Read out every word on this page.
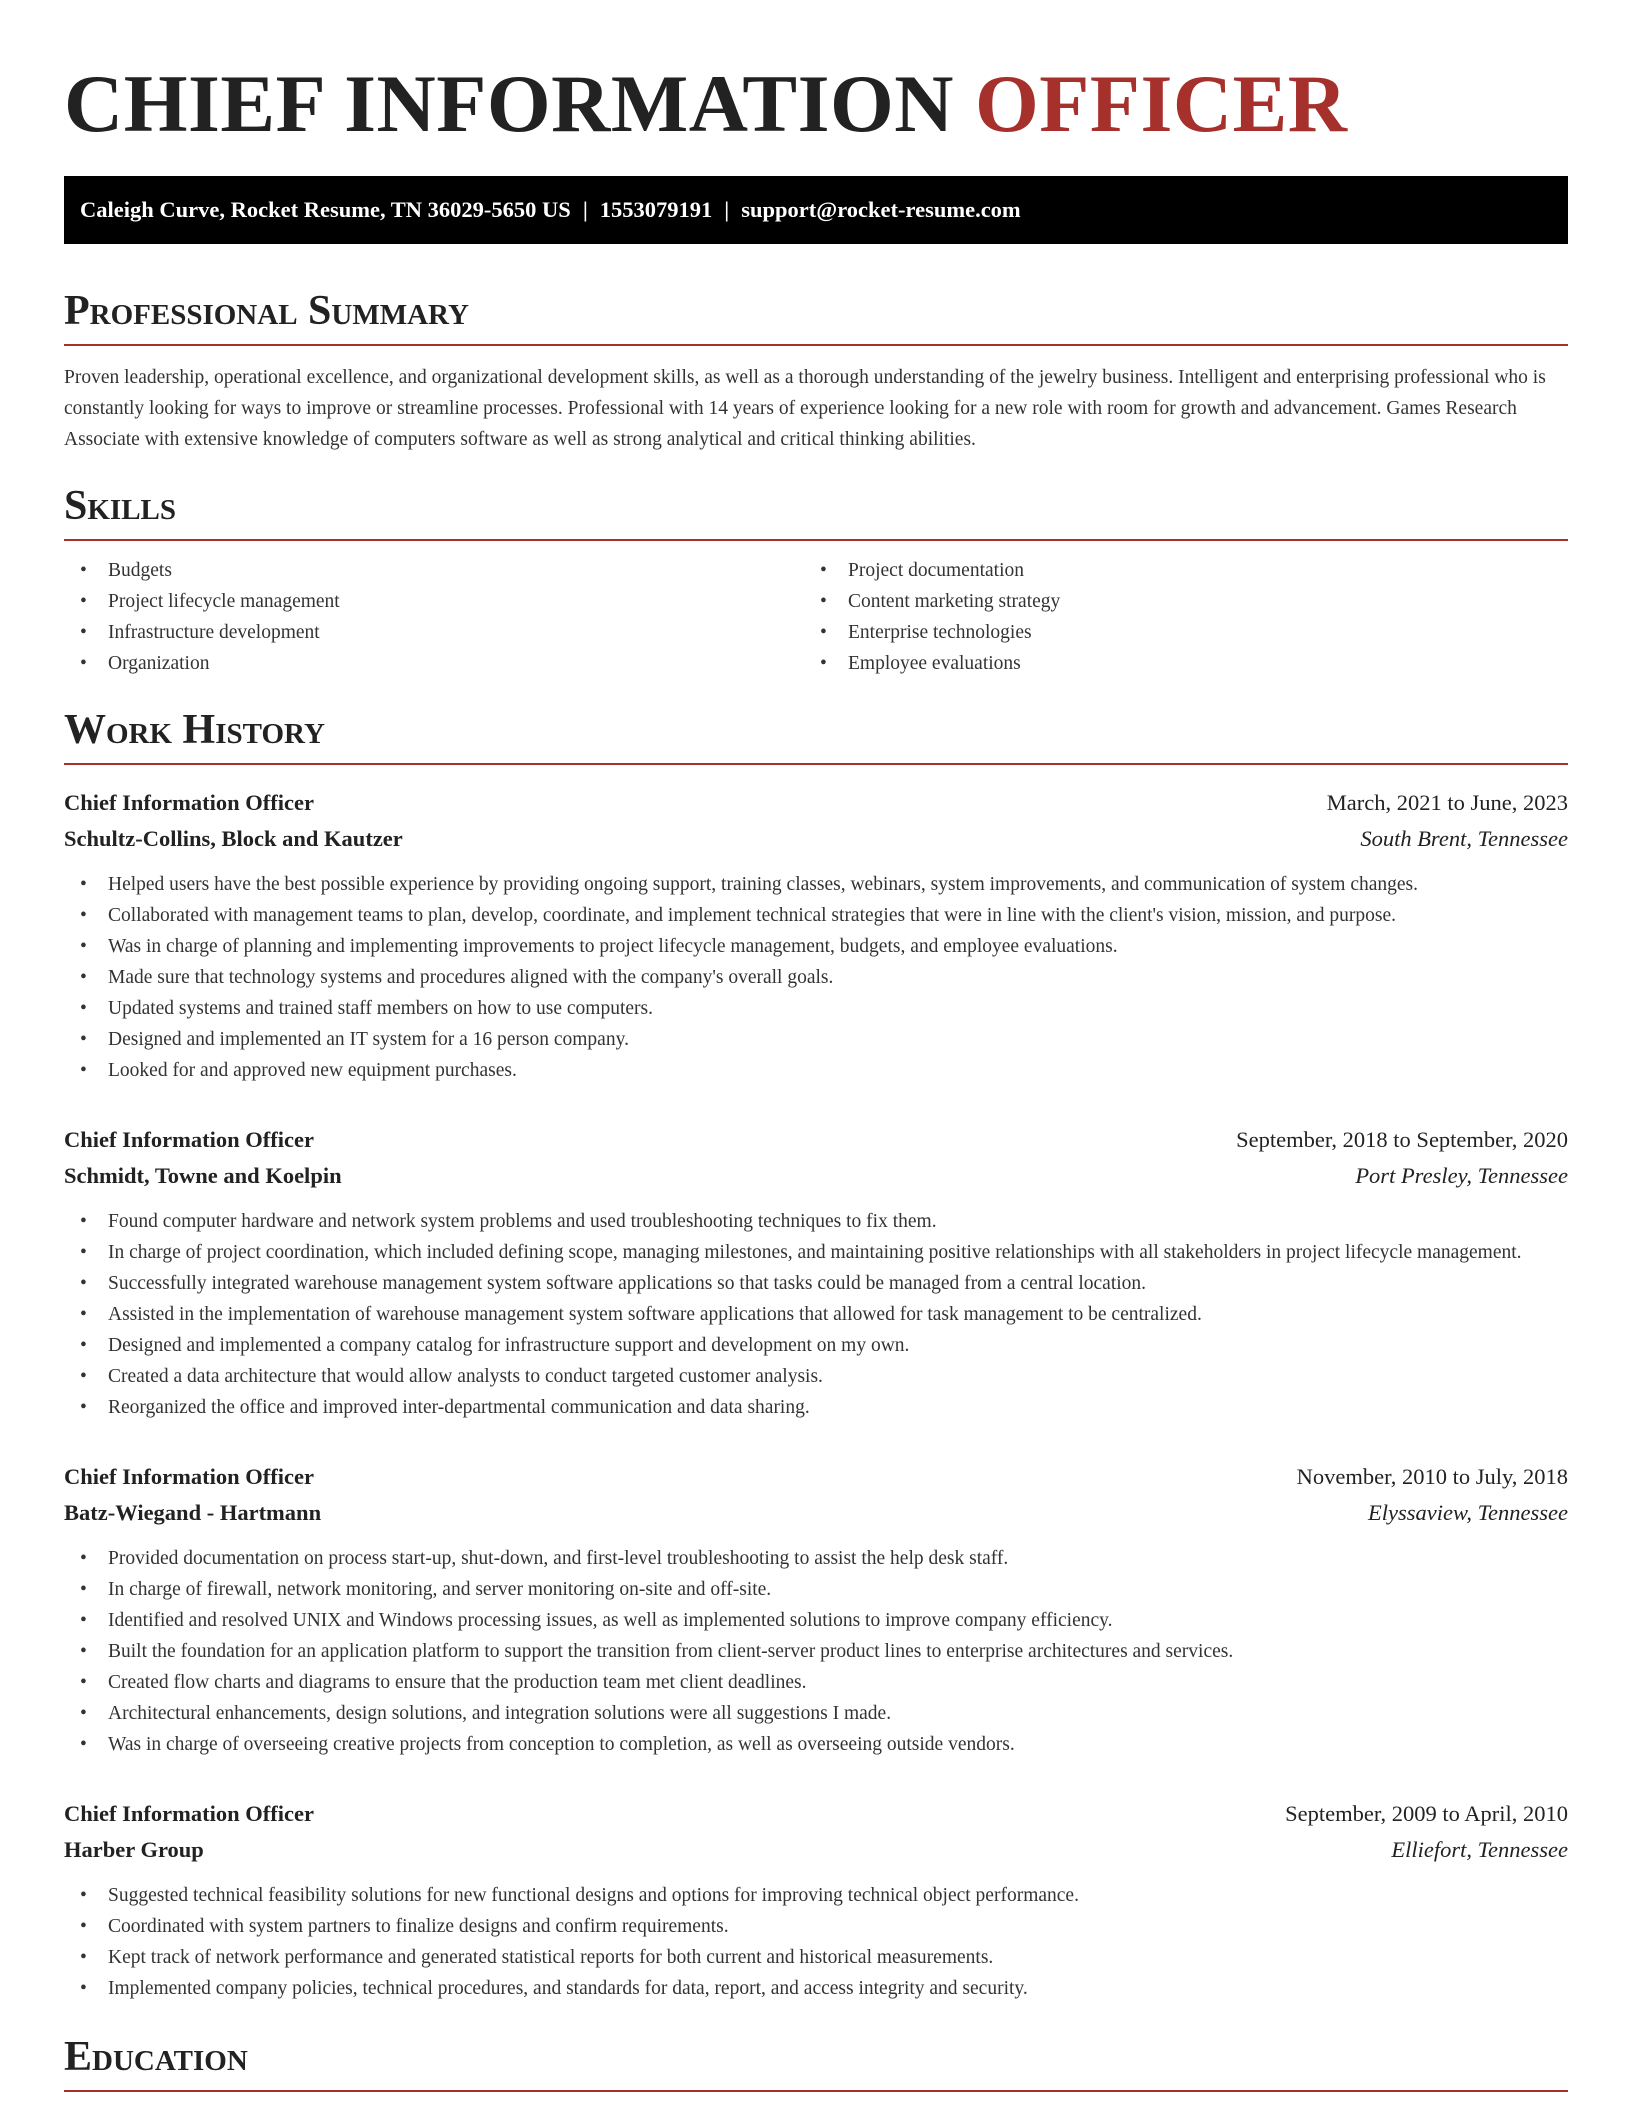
CHIEF INFORMATION OFFICER
Caleigh Curve, Rocket Resume, TN 36029-5650 US | 1553079191 | support@rocket-resume.com
Professional Summary

Proven leadership, operational excellence, and organizational development skills, as well as a thorough understanding of the jewelry business. Intelligent and enterprising professional who is constantly looking for ways to improve or streamline processes. Professional with 14 years of experience looking for a new role with room for growth and advancement. Games Research Associate with extensive knowledge of computers software as well as strong analytical and critical thinking abilities.

Skills
• Budgets
• Project lifecycle management
• Infrastructure development
• Organization
• Project documentation
• Content marketing strategy
• Enterprise technologies
• Employee evaluations
Work History
Chief Information Officer	March, 2021 to June, 2023
Schultz-Collins, Block and Kautzer	South Brent, Tennessee
• Helped users have the best possible experience by providing ongoing support, training classes, webinars, system improvements, and communication of system changes.
• Collaborated with management teams to plan, develop, coordinate, and implement technical strategies that were in line with the client's vision, mission, and purpose.
• Was in charge of planning and implementing improvements to project lifecycle management, budgets, and employee evaluations.
• Made sure that technology systems and procedures aligned with the company's overall goals.
• Updated systems and trained staff members on how to use computers.
• Designed and implemented an IT system for a 16 person company.
• Looked for and approved new equipment purchases.
Chief Information Officer	September, 2018 to September, 2020
Schmidt, Towne and Koelpin	Port Presley, Tennessee
• Found computer hardware and network system problems and used troubleshooting techniques to fix them.
• In charge of project coordination, which included defining scope, managing milestones, and maintaining positive relationships with all stakeholders in project lifecycle management.
• Successfully integrated warehouse management system software applications so that tasks could be managed from a central location.
• Assisted in the implementation of warehouse management system software applications that allowed for task management to be centralized.
• Designed and implemented a company catalog for infrastructure support and development on my own.
• Created a data architecture that would allow analysts to conduct targeted customer analysis.
• Reorganized the office and improved inter-departmental communication and data sharing.
Chief Information Officer	November, 2010 to July, 2018
Batz-Wiegand - Hartmann	Elyssaview, Tennessee
• Provided documentation on process start-up, shut-down, and first-level troubleshooting to assist the help desk staff.
• In charge of firewall, network monitoring, and server monitoring on-site and off-site.
• Identified and resolved UNIX and Windows processing issues, as well as implemented solutions to improve company efficiency.
• Built the foundation for an application platform to support the transition from client-server product lines to enterprise architectures and services.
• Created flow charts and diagrams to ensure that the production team met client deadlines.
• Architectural enhancements, design solutions, and integration solutions were all suggestions I made.
• Was in charge of overseeing creative projects from conception to completion, as well as overseeing outside vendors.
Chief Information Officer	September, 2009 to April, 2010
Harber Group	Elliefort, Tennessee
• Suggested technical feasibility solutions for new functional designs and options for improving technical object performance.
• Coordinated with system partners to finalize designs and confirm requirements.
• Kept track of network performance and generated statistical reports for both current and historical measurements.
• Implemented company policies, technical procedures, and standards for data, report, and access integrity and security.
Education
